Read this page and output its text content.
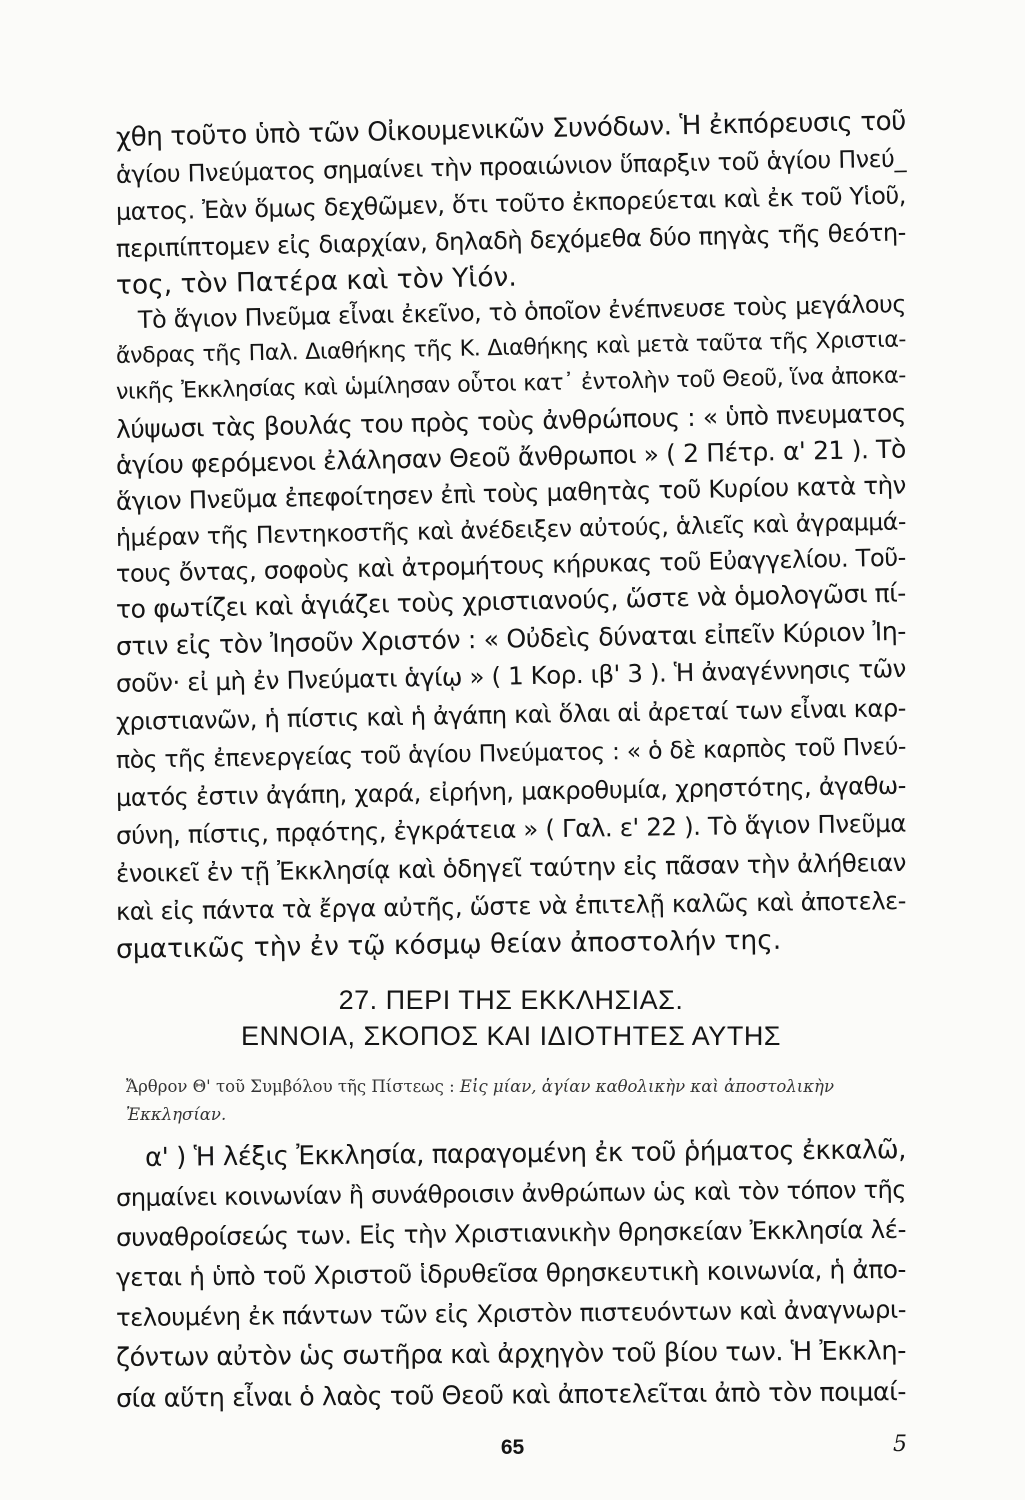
χθη τοῦτο ὑπὸ τῶν Οἰκουμενικῶν Συνόδων. Ἡ ἐκπόρευσις τοῦ
ἁγίου Πνεύματος σημαίνει τὴν προαιώνιον ὕπαρξιν τοῦ ἁγίου Πνεύ_
ματος. Ἐὰν ὅμως δεχθῶμεν, ὅτι τοῦτο ἐκπορεύεται καὶ ἐκ τοῦ Υἱοῦ,
περιπίπτομεν εἰς διαρχίαν, δηλαδὴ δεχόμεθα δύο πηγὰς τῆς θεότη-
τος, τὸν Πατέρα καὶ τὸν Υἱόν.
Τὸ ἅγιον Πνεῦμα εἶναι ἐκεῖνο, τὸ ὁποῖον ἐνέπνευσε τοὺς μεγάλους
ἄνδρας τῆς Παλ. Διαθήκης τῆς Κ. Διαθήκης καὶ μετὰ ταῦτα τῆς Χριστια-
νικῆς Ἐκκλησίας καὶ ὡμίλησαν οὗτοι κατ᾽ ἐντολὴν τοῦ Θεοῦ, ἵνα ἀποκα-
λύψωσι τὰς βουλάς του πρὸς τοὺς ἀνθρώπους : « ὑπὸ πνευματος
ἁγίου φερόμενοι ἐλάλησαν Θεοῦ ἄνθρωποι » ( 2 Πέτρ. α' 21 ). Τὸ
ἅγιον Πνεῦμα ἐπεφοίτησεν ἐπὶ τοὺς μαθητὰς τοῦ Κυρίου κατὰ τὴν
ἡμέραν τῆς Πεντηκοστῆς καὶ ἀνέδειξεν αὐτούς, ἁλιεῖς καὶ ἀγραμμά-
τους ὄντας, σοφοὺς καὶ ἀτρομήτους κήρυκας τοῦ Εὐαγγελίου. Τοῦ-
το φωτίζει καὶ ἁγιάζει τοὺς χριστιανούς, ὥστε νὰ ὁμολογῶσι πί-
στιν εἰς τὸν Ἰησοῦν Χριστόν : « Οὐδεὶς δύναται εἰπεῖν Κύριον Ἰη-
σοῦν· εἰ μὴ ἐν Πνεύματι ἁγίῳ » ( 1 Κορ. ιβ' 3 ). Ἡ ἀναγέννησις τῶν
χριστιανῶν, ἡ πίστις καὶ ἡ ἀγάπη καὶ ὅλαι αἱ ἀρεταί των εἶναι καρ-
πὸς τῆς ἐπενεργείας τοῦ ἁγίου Πνεύματος : « ὁ δὲ καρπὸς τοῦ Πνεύ-
ματός ἐστιν ἀγάπη, χαρά, εἰρήνη, μακροθυμία, χρηστότης, ἀγαθω-
σύνη, πίστις, πρᾳότης, ἐγκράτεια » ( Γαλ. ε' 22 ). Τὸ ἅγιον Πνεῦμα
ἐνοικεῖ ἐν τῇ Ἐκκλησίᾳ καὶ ὁδηγεῖ ταύτην εἰς πᾶσαν τὴν ἀλήθειαν
καὶ εἰς πάντα τὰ ἔργα αὐτῆς, ὥστε νὰ ἐπιτελῇ καλῶς καὶ ἀποτελε-
σματικῶς τὴν ἐν τῷ κόσμῳ θείαν ἀποστολήν της.
27. ΠΕΡΙ ΤΗΣ ΕΚΚΛΗΣΙΑΣ.
ΕΝΝΟΙΑ, ΣΚΟΠΟΣ ΚΑΙ ΙΔΙΟΤΗΤΕΣ ΑΥΤΗΣ
Ἄρθρον Θ' τοῦ Συμβόλου τῆς Πίστεως : Εἰς μίαν, ἁγίαν καθολικὴν καὶ ἀποστολικὴν Ἐκκλησίαν.
α' ) Ἡ λέξις Ἐκκλησία, παραγομένη ἐκ τοῦ ῥήματος ἐκκαλῶ,
σημαίνει κοινωνίαν ἢ συνάθροισιν ἀνθρώπων ὡς καὶ τὸν τόπον τῆς
συναθροίσεώς των. Εἰς τὴν Χριστιανικὴν θρησκείαν Ἐκκλησία λέ-
γεται ἡ ὑπὸ τοῦ Χριστοῦ ἱδρυθεῖσα θρησκευτικὴ κοινωνία, ἡ ἀπο-
τελουμένη ἐκ πάντων τῶν εἰς Χριστὸν πιστευόντων καὶ ἀναγνωρι-
ζόντων αὐτὸν ὡς σωτῆρα καὶ ἀρχηγὸν τοῦ βίου των. Ἡ Ἐκκλη-
σία αὕτη εἶναι ὁ λαὸς τοῦ Θεοῦ καὶ ἀποτελεῖται ἀπὸ τὸν ποιμαί-
65	5
